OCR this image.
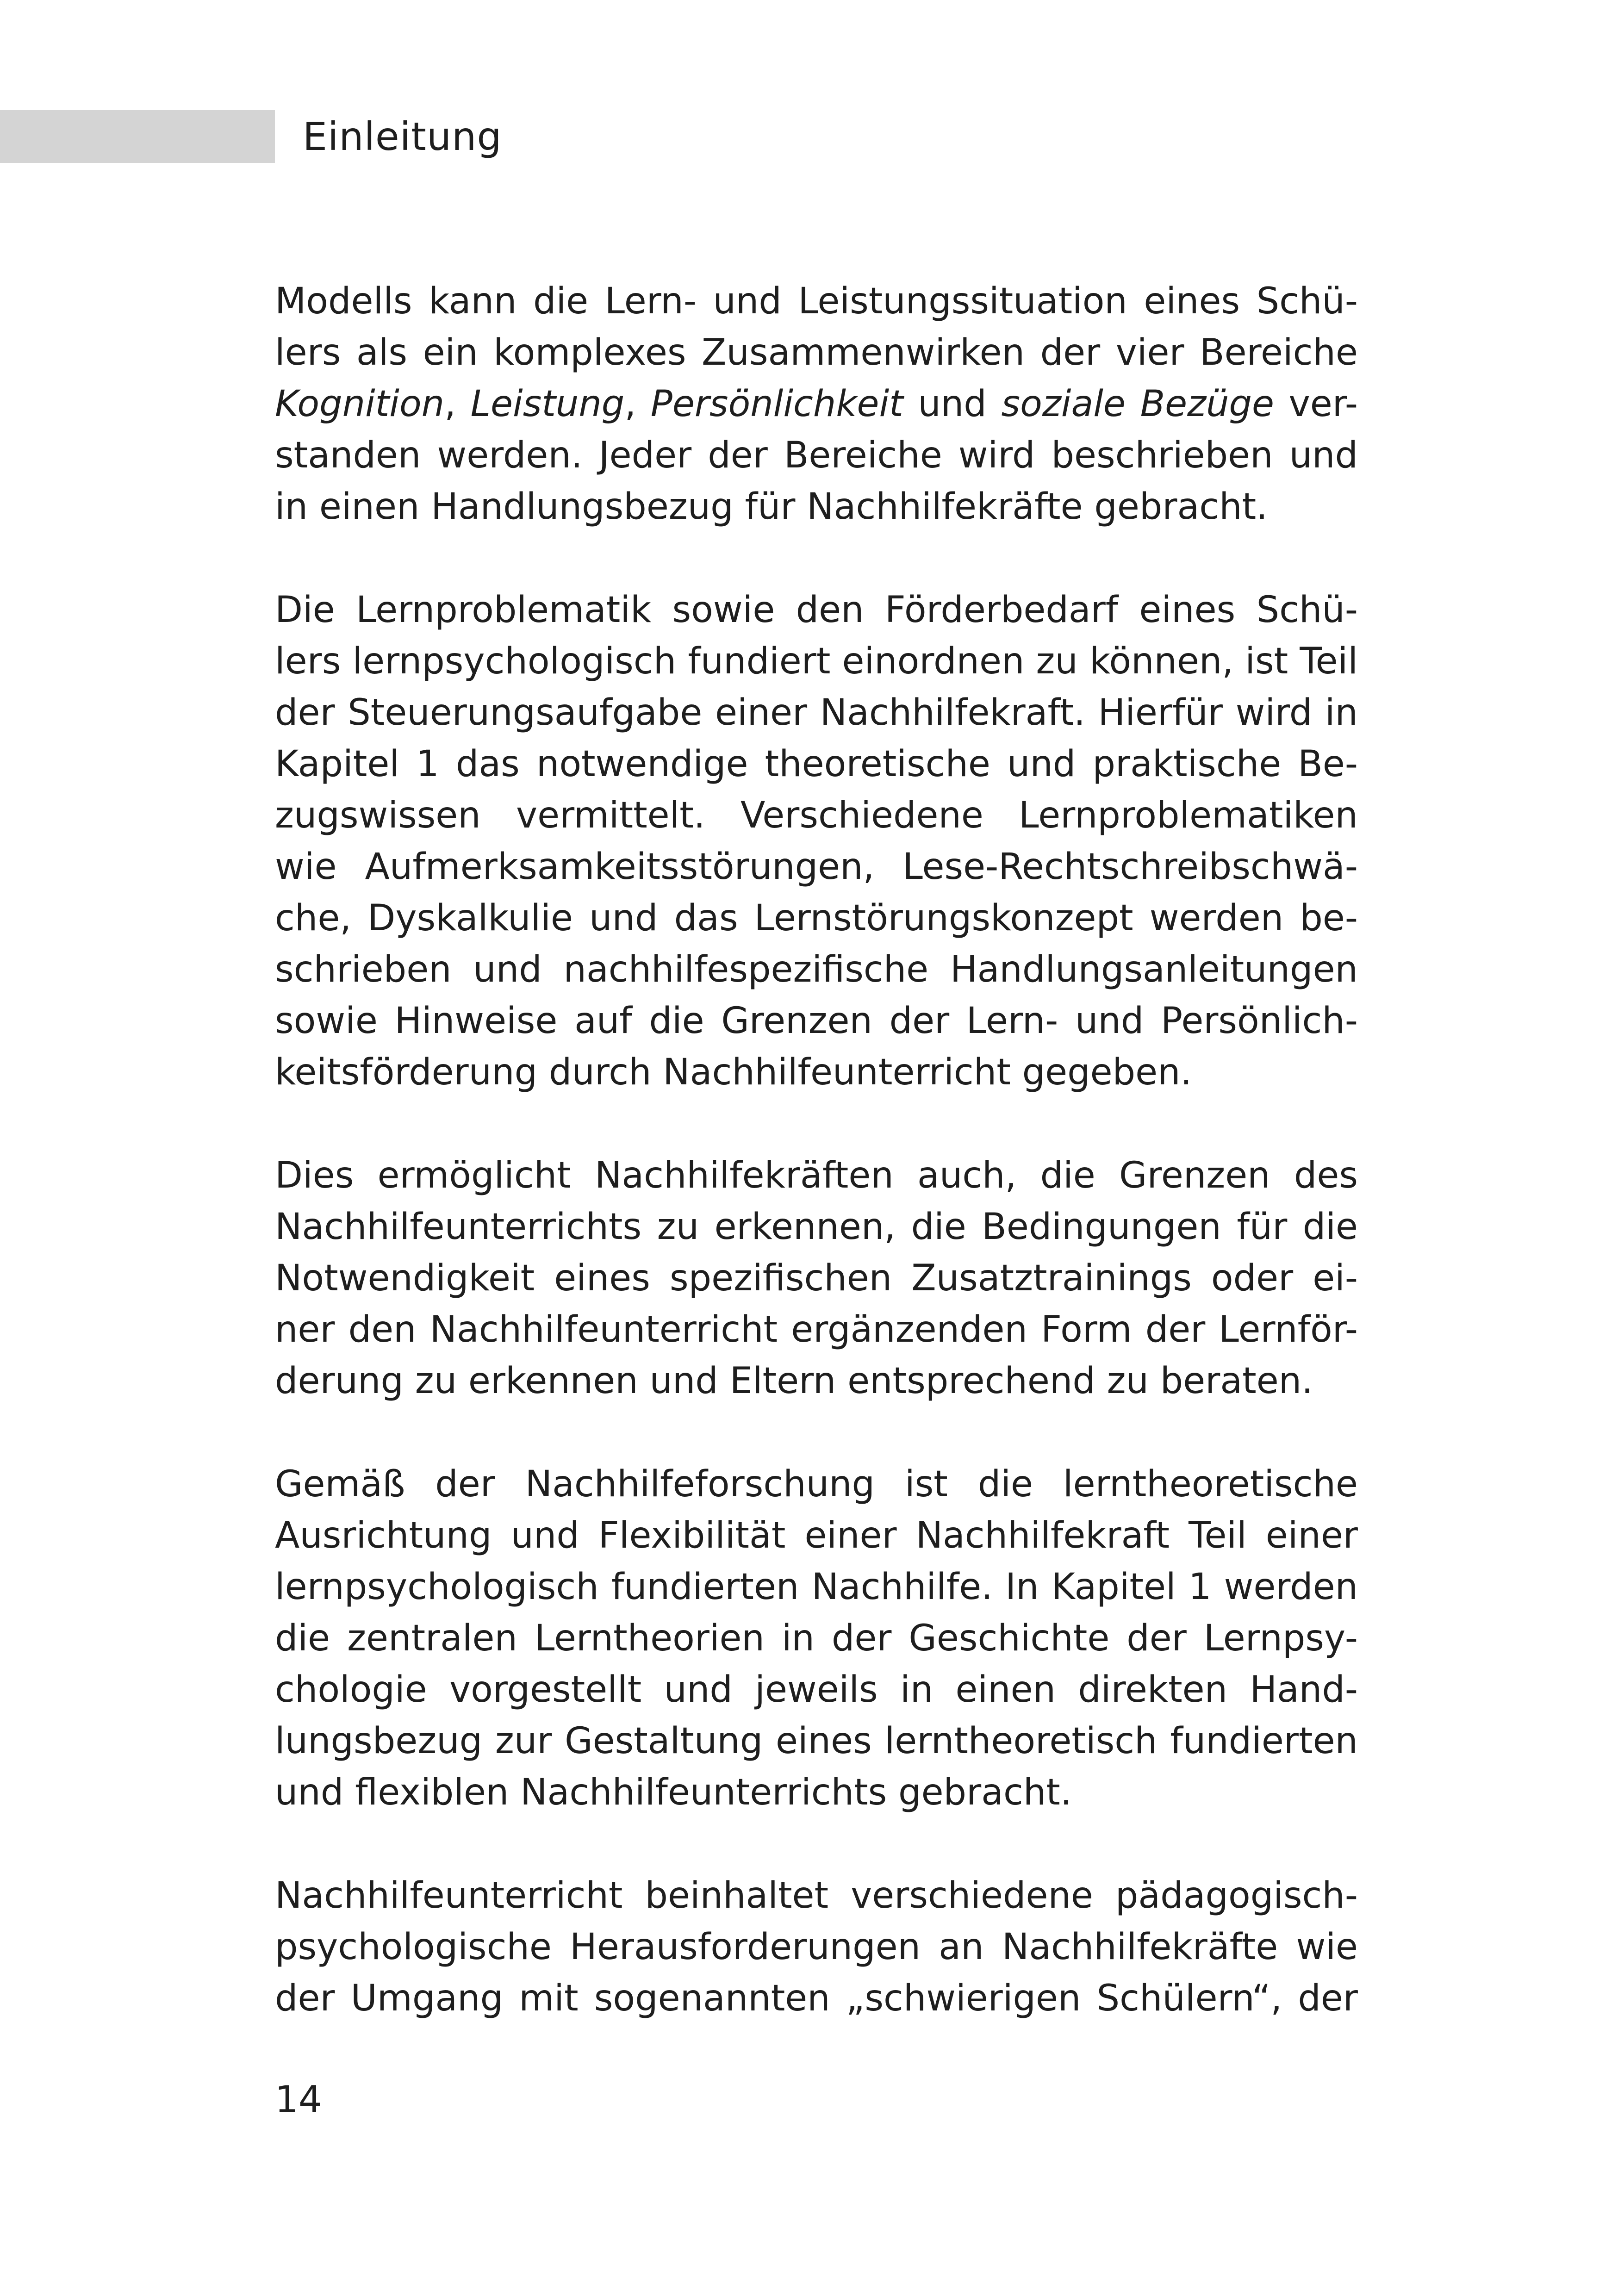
Einleitung
Modells kann die Lern- und Leistungssituation eines Schü-
lers als ein komplexes Zusammenwirken der vier Bereiche
Kognition, Leistung, Persönlichkeit und soziale Bezüge ver-
standen werden. Jeder der Bereiche wird beschrieben und
in einen Handlungsbezug für Nachhilfekräfte gebracht.
Die Lernproblematik sowie den Förderbedarf eines Schü-
lers lernpsychologisch fundiert einordnen zu können, ist Teil
der Steuerungsaufgabe einer Nachhilfekraft. Hierfür wird in
Kapitel 1 das notwendige theoretische und praktische Be-
zugswissen vermittelt. Verschiedene Lernproblematiken
wie Aufmerksamkeitsstörungen, Lese-Rechtschreibschwä-
che, Dyskalkulie und das Lernstörungskonzept werden be-
schrieben und nachhilfespezifische Handlungsanleitungen
sowie Hinweise auf die Grenzen der Lern- und Persönlich-
keitsförderung durch Nachhilfeunterricht gegeben.
Dies ermöglicht Nachhilfekräften auch, die Grenzen des
Nachhilfeunterrichts zu erkennen, die Bedingungen für die
Notwendigkeit eines spezifischen Zusatztrainings oder ei-
ner den Nachhilfeunterricht ergänzenden Form der Lernför-
derung zu erkennen und Eltern entsprechend zu beraten.
Gemäß der Nachhilfeforschung ist die lerntheoretische
Ausrichtung und Flexibilität einer Nachhilfekraft Teil einer
lernpsychologisch fundierten Nachhilfe. In Kapitel 1 werden
die zentralen Lerntheorien in der Geschichte der Lernpsy-
chologie vorgestellt und jeweils in einen direkten Hand-
lungsbezug zur Gestaltung eines lerntheoretisch fundierten
und flexiblen Nachhilfeunterrichts gebracht.
Nachhilfeunterricht beinhaltet verschiedene pädagogisch-
psychologische Herausforderungen an Nachhilfekräfte wie
der Umgang mit sogenannten „schwierigen Schülern“, der
14
